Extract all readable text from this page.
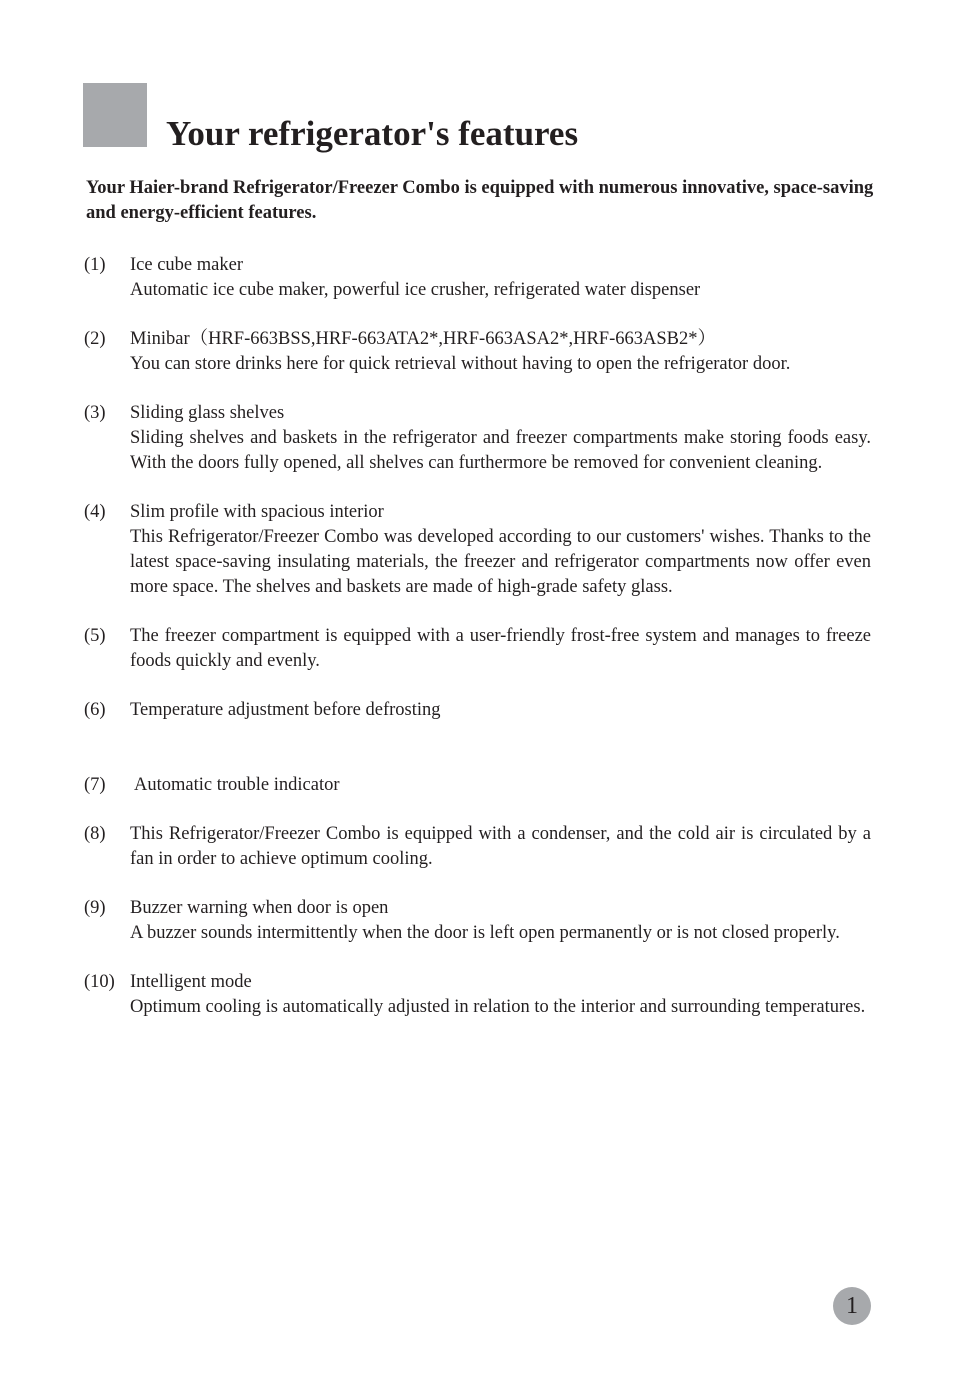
Your refrigerator's features

Your Haier-brand Refrigerator/Freezer Combo is equipped with numerous innovative, space-saving and energy-efficient features.

(1) Ice cube maker
Automatic ice cube maker, powerful ice crusher, refrigerated water dispenser
(2) Minibar（HRF-663BSS,HRF-663ATA2*,HRF-663ASA2*,HRF-663ASB2*）
You can store drinks here for quick retrieval without having to open the refrigerator door.
(3) Sliding glass shelves
Sliding shelves and baskets in the refrigerator and freezer compartments make storing foods easy. With the doors fully opened, all shelves can furthermore be removed for convenient cleaning.
(4) Slim profile with spacious interior
This Refrigerator/Freezer Combo was developed according to our customers' wishes. Thanks to the latest space-saving insulating materials, the freezer and refrigerator compartments now offer even more space. The shelves and baskets are made of high-grade safety glass.
(5) The freezer compartment is equipped with a user-friendly frost-free system and manages to freeze foods quickly and evenly.
(6) Temperature adjustment before defrosting
(7) Automatic trouble indicator
(8) This Refrigerator/Freezer Combo is equipped with a condenser, and the cold air is circulated by a fan in order to achieve optimum cooling.
(9) Buzzer warning when door is open
A buzzer sounds intermittently when the door is left open permanently or is not closed properly.
(10) Intelligent mode
Optimum cooling is automatically adjusted in relation to the interior and surrounding temperatures.
1
